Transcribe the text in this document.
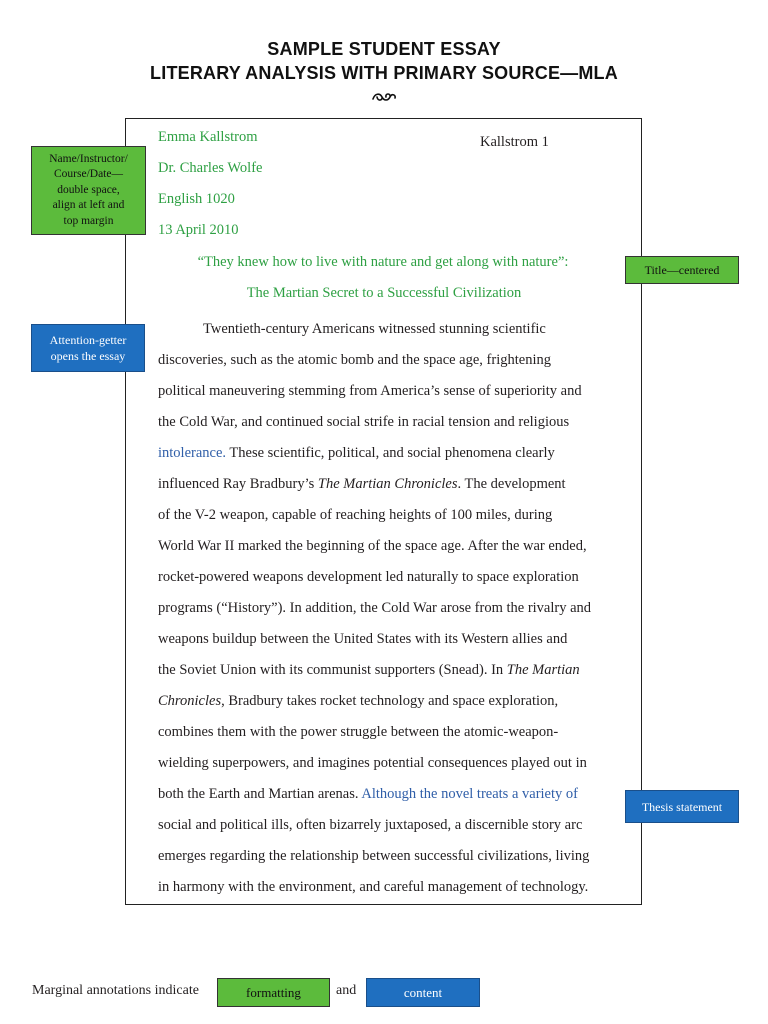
SAMPLE STUDENT ESSAY
LITERARY ANALYSIS WITH PRIMARY SOURCE—MLA
Emma Kallstrom	Kallstrom 1
Dr. Charles Wolfe
English 1020
13 April 2010
“They knew how to live with nature and get along with nature”:
The Martian Secret to a Successful Civilization
Twentieth-century Americans witnessed stunning scientific
discoveries, such as the atomic bomb and the space age, frightening
political maneuvering stemming from America’s sense of superiority and
the Cold War, and continued social strife in racial tension and religious
intolerance. These scientific, political, and social phenomena clearly
influenced Ray Bradbury’s The Martian Chronicles. The development
of the V-2 weapon, capable of reaching heights of 100 miles, during
World War II marked the beginning of the space age. After the war ended,
rocket-powered weapons development led naturally to space exploration
programs (“History”). In addition, the Cold War arose from the rivalry and
weapons buildup between the United States with its Western allies and
the Soviet Union with its communist supporters (Snead). In The Martian
Chronicles, Bradbury takes rocket technology and space exploration,
combines them with the power struggle between the atomic-weapon-
wielding superpowers, and imagines potential consequences played out in
both the Earth and Martian arenas. Although the novel treats a variety of
social and political ills, often bizarrely juxtaposed, a discernible story arc
emerges regarding the relationship between successful civilizations, living
in harmony with the environment, and careful management of technology.
Name/Instructor/
Course/Date—
double space,
align at left and
top margin
Title—centered
Attention-getter
opens the essay
Thesis statement
Marginal annotations indicate	formatting	and	content
